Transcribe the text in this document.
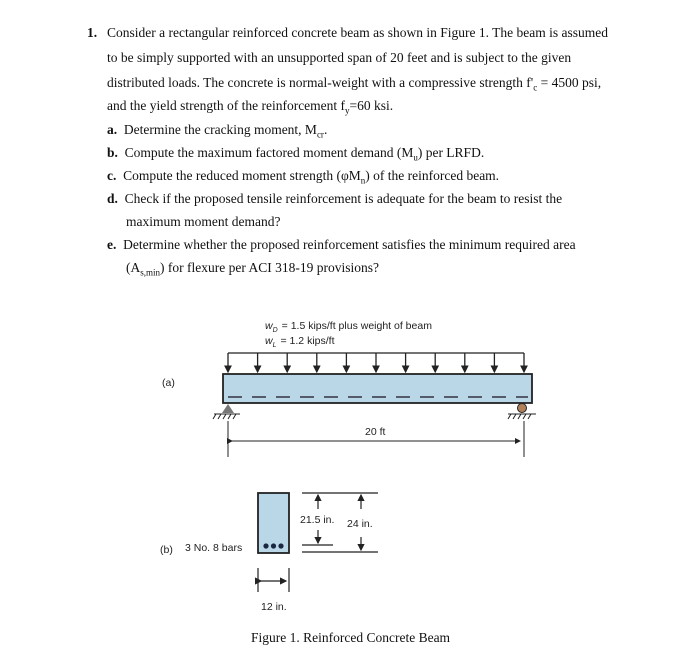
1. Consider a rectangular reinforced concrete beam as shown in Figure 1. The beam is assumed
to be simply supported with an unsupported span of 20 feet and is subject to the given
distributed loads. The concrete is normal-weight with a compressive strength $f'_c = 4500$ psi,
and the yield strength of the reinforcement $f_y=60$ ksi.
a. Determine the cracking moment, $M_{cr}$.
b. Compute the maximum factored moment demand $(M_u)$ per LRFD.
c. Compute the reduced moment strength $(\varphi M_n)$ of the reinforced beam.
d. Check if the proposed tensile reinforcement is adequate for the beam to resist the
maximum moment demand?
e. Determine whether the proposed reinforcement satisfies the minimum required area
$(A_{s,min})$ for flexure per ACI 318-19 provisions?
$w_D = 1.5$ kips/ft plus weight of beam
$w_L = 1.2$ kips/ft
(a)
20 ft
(b) 3 No. 8 bars
21.5 in. 24 in.
12 in.
Figure 1. Reinforced Concrete Beam
